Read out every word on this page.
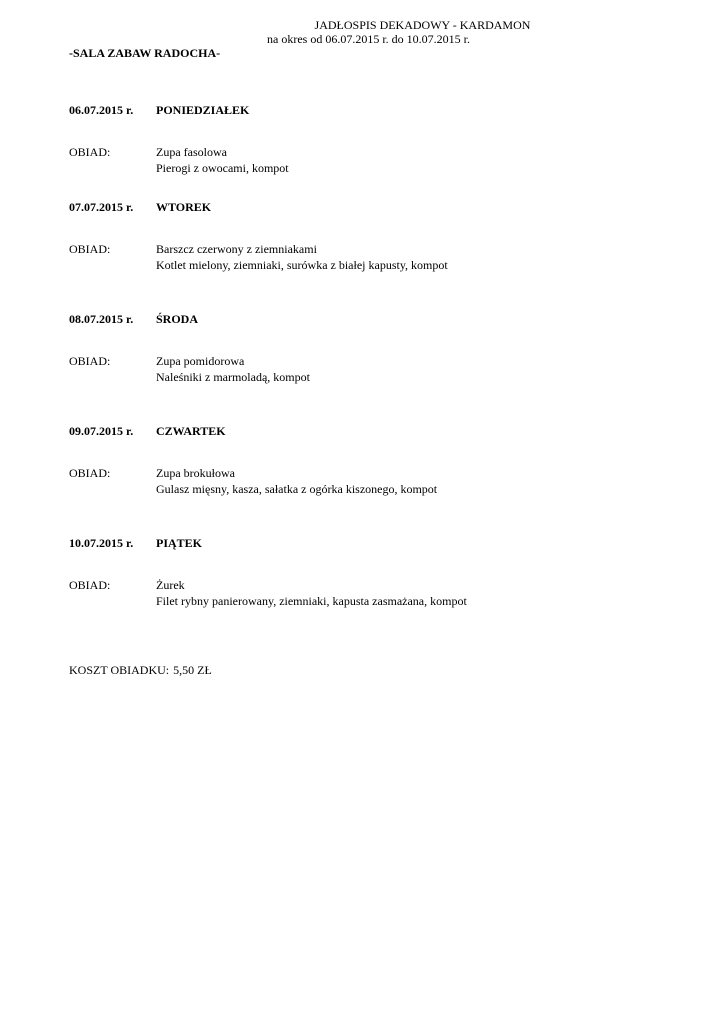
JADŁOSPIS DEKADOWY - KARDAMON
na okres od 06.07.2015 r. do 10.07.2015 r.
-SALA ZABAW RADOCHA-
06.07.2015 r. PONIEDZIAŁEK
OBIAD:	Zupa fasolowa
Pierogi z owocami, kompot
07.07.2015 r. WTOREK
OBIAD:	Barszcz czerwony z ziemniakami
Kotlet mielony, ziemniaki, surówka z białej kapusty, kompot
08.07.2015 r. ŚRODA
OBIAD:	Zupa pomidorowa
Naleśniki z marmoladą, kompot
09.07.2015 r. CZWARTEK
OBIAD:	Zupa brokułowa
Gulasz mięsny, kasza, sałatka z ogórka kiszonego, kompot
10.07.2015 r. PIĄTEK
OBIAD:	Żurek
Filet rybny panierowany, ziemniaki, kapusta zasmażana, kompot
KOSZT OBIADKU: 5,50 ZŁ
